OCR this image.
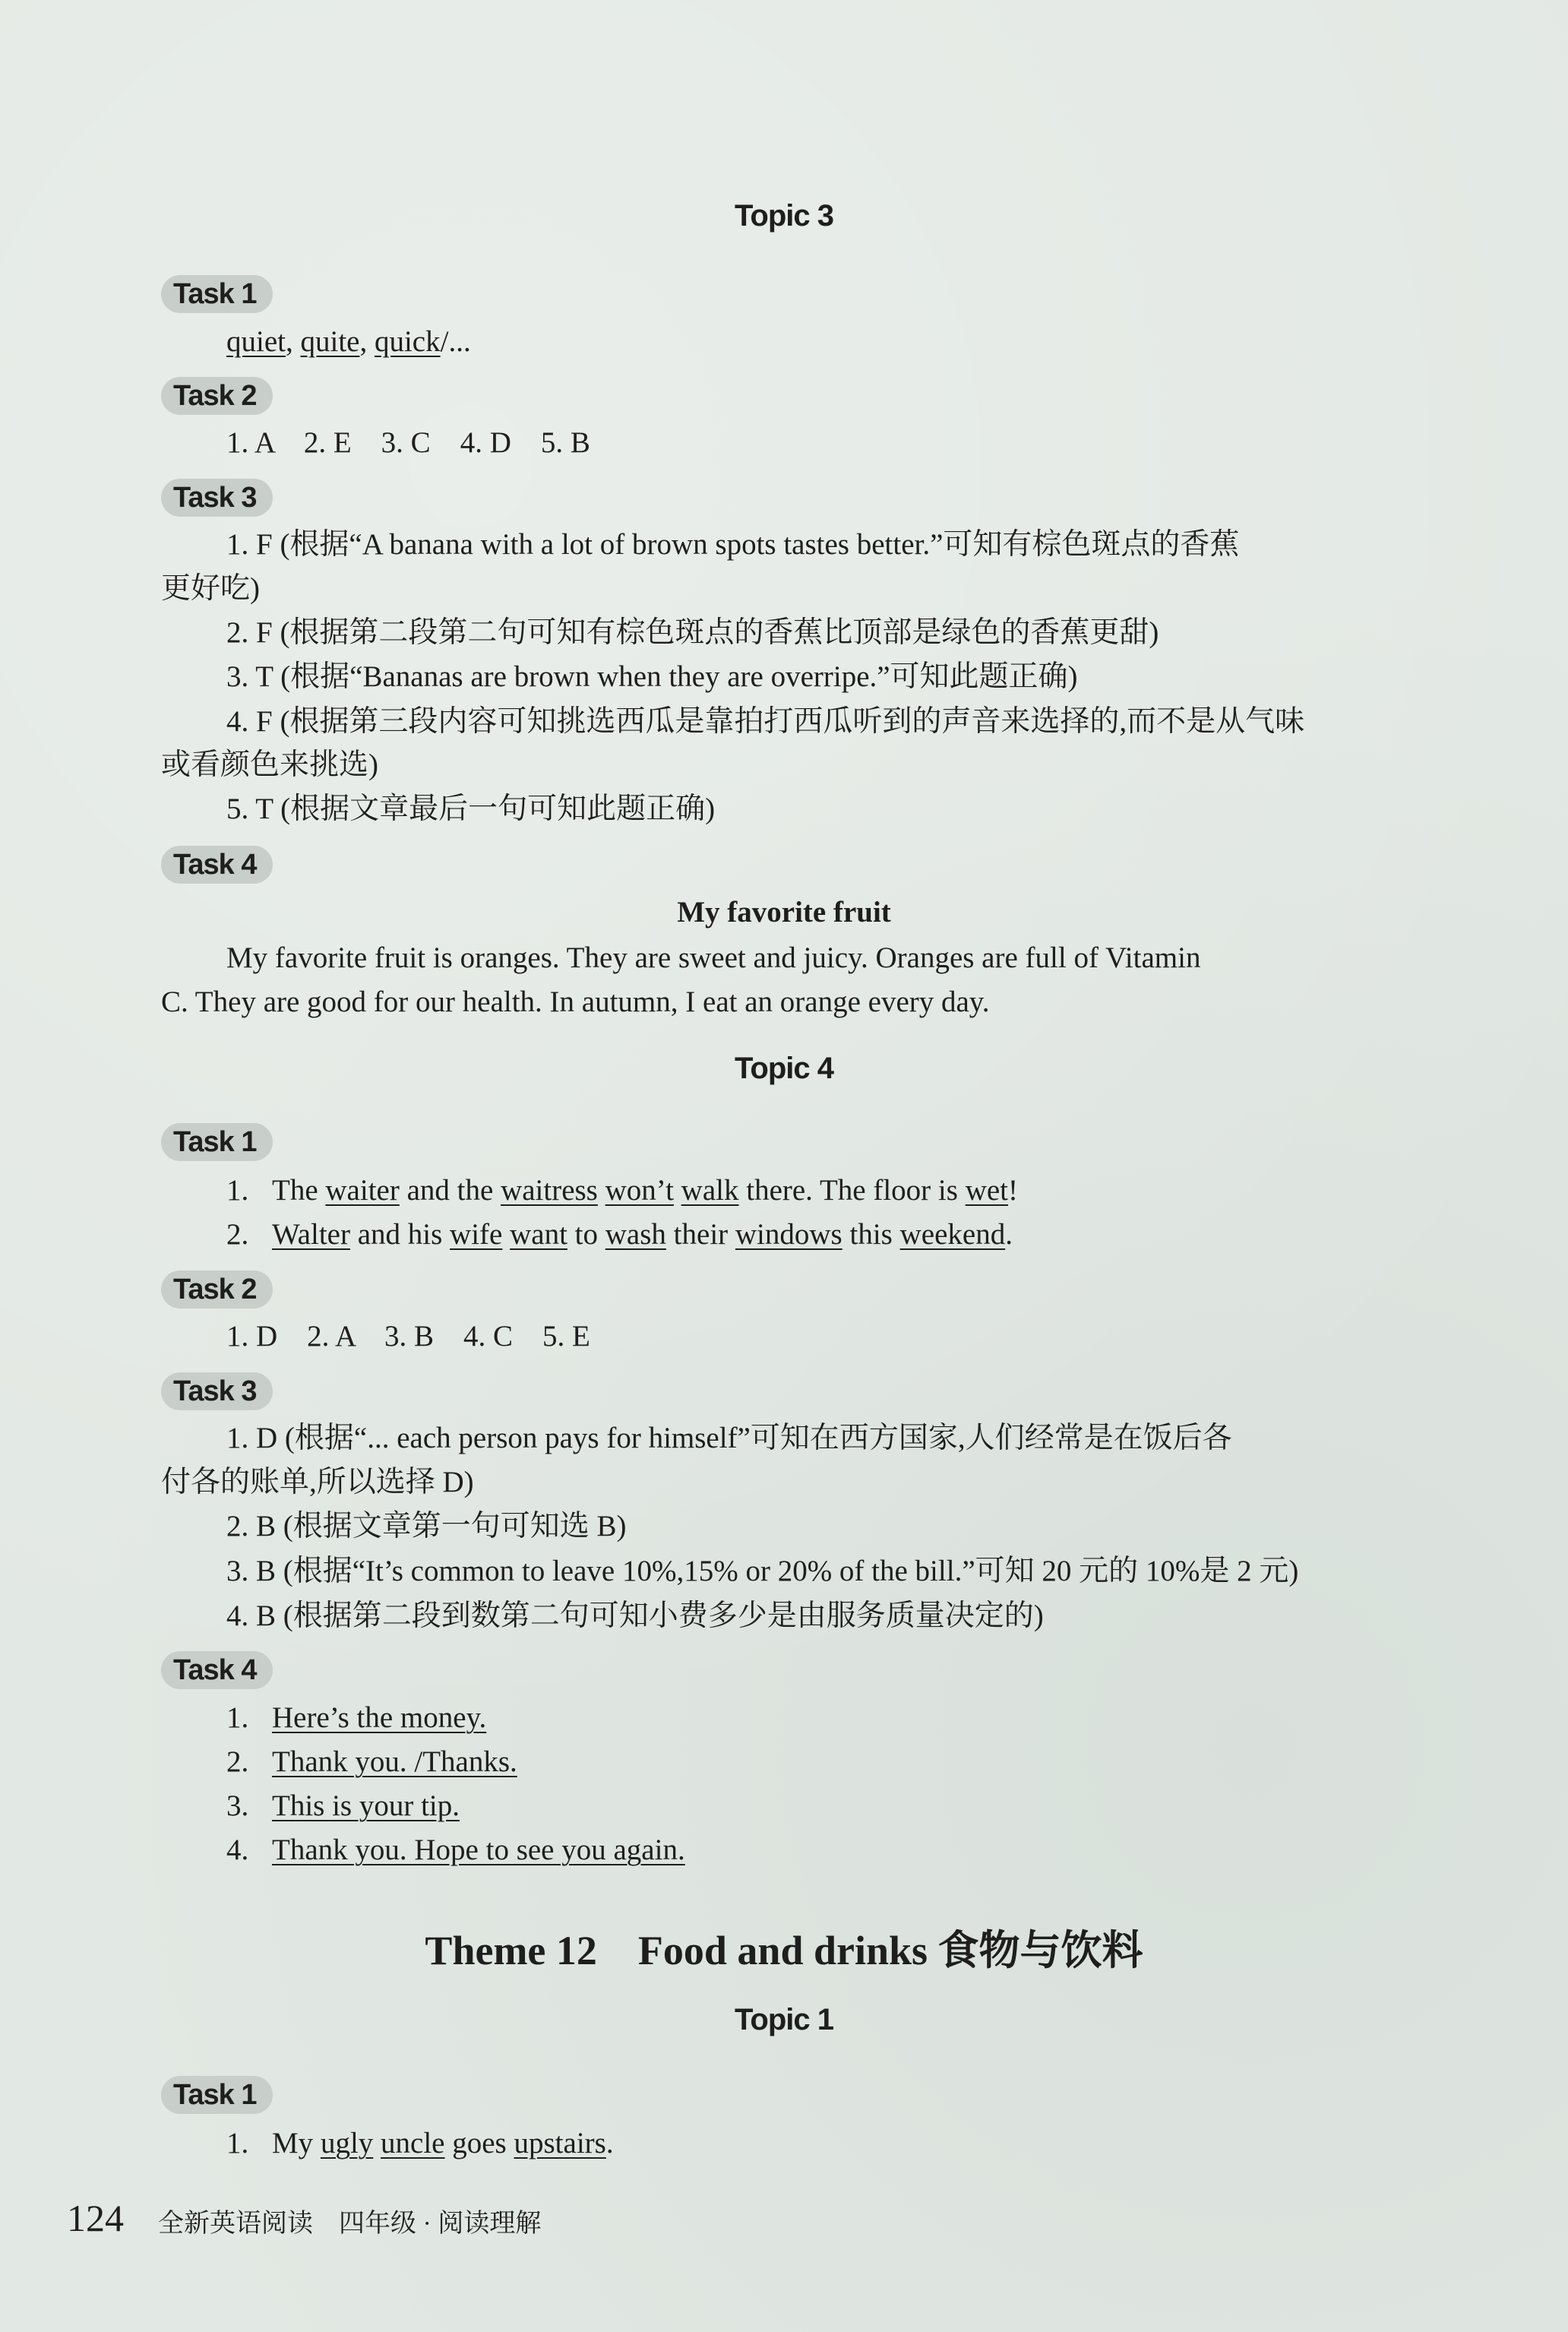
Topic 3
Task 1
quiet, quite, quick/...
Task 2
1. A　2. E　3. C　4. D　5. B
Task 3
1. F (根据“A banana with a lot of brown spots tastes better.”可知有棕色斑点的香蕉
更好吃)
2. F (根据第二段第二句可知有棕色斑点的香蕉比顶部是绿色的香蕉更甜)
3. T (根据“Bananas are brown when they are overripe.”可知此题正确)
4. F (根据第三段内容可知挑选西瓜是靠拍打西瓜听到的声音来选择的,而不是从气味
或看颜色来挑选)
5. T (根据文章最后一句可知此题正确)
Task 4
My favorite fruit
My favorite fruit is oranges. They are sweet and juicy. Oranges are full of Vitamin
C. They are good for our health. In autumn, I eat an orange every day.
Topic 4
Task 1
1. The waiter and the waitress won’t walk there. The floor is wet!
2. Walter and his wife want to wash their windows this weekend.
Task 2
1. D　2. A　3. B　4. C　5. E
Task 3
1. D (根据“... each person pays for himself”可知在西方国家,人们经常是在饭后各
付各的账单,所以选择 D)
2. B (根据文章第一句可知选 B)
3. B (根据“It’s common to leave 10%,15% or 20% of the bill.”可知 20 元的 10%是 2 元)
4. B (根据第二段到数第二句可知小费多少是由服务质量决定的)
Task 4
1. Here’s the money.
2. Thank you. /Thanks.
3. This is your tip.
4. Thank you. Hope to see you again.
Theme 12　Food and drinks 食物与饮料
Topic 1
Task 1
1. My ugly uncle goes upstairs.
124 全新英语阅读　四年级 · 阅读理解
